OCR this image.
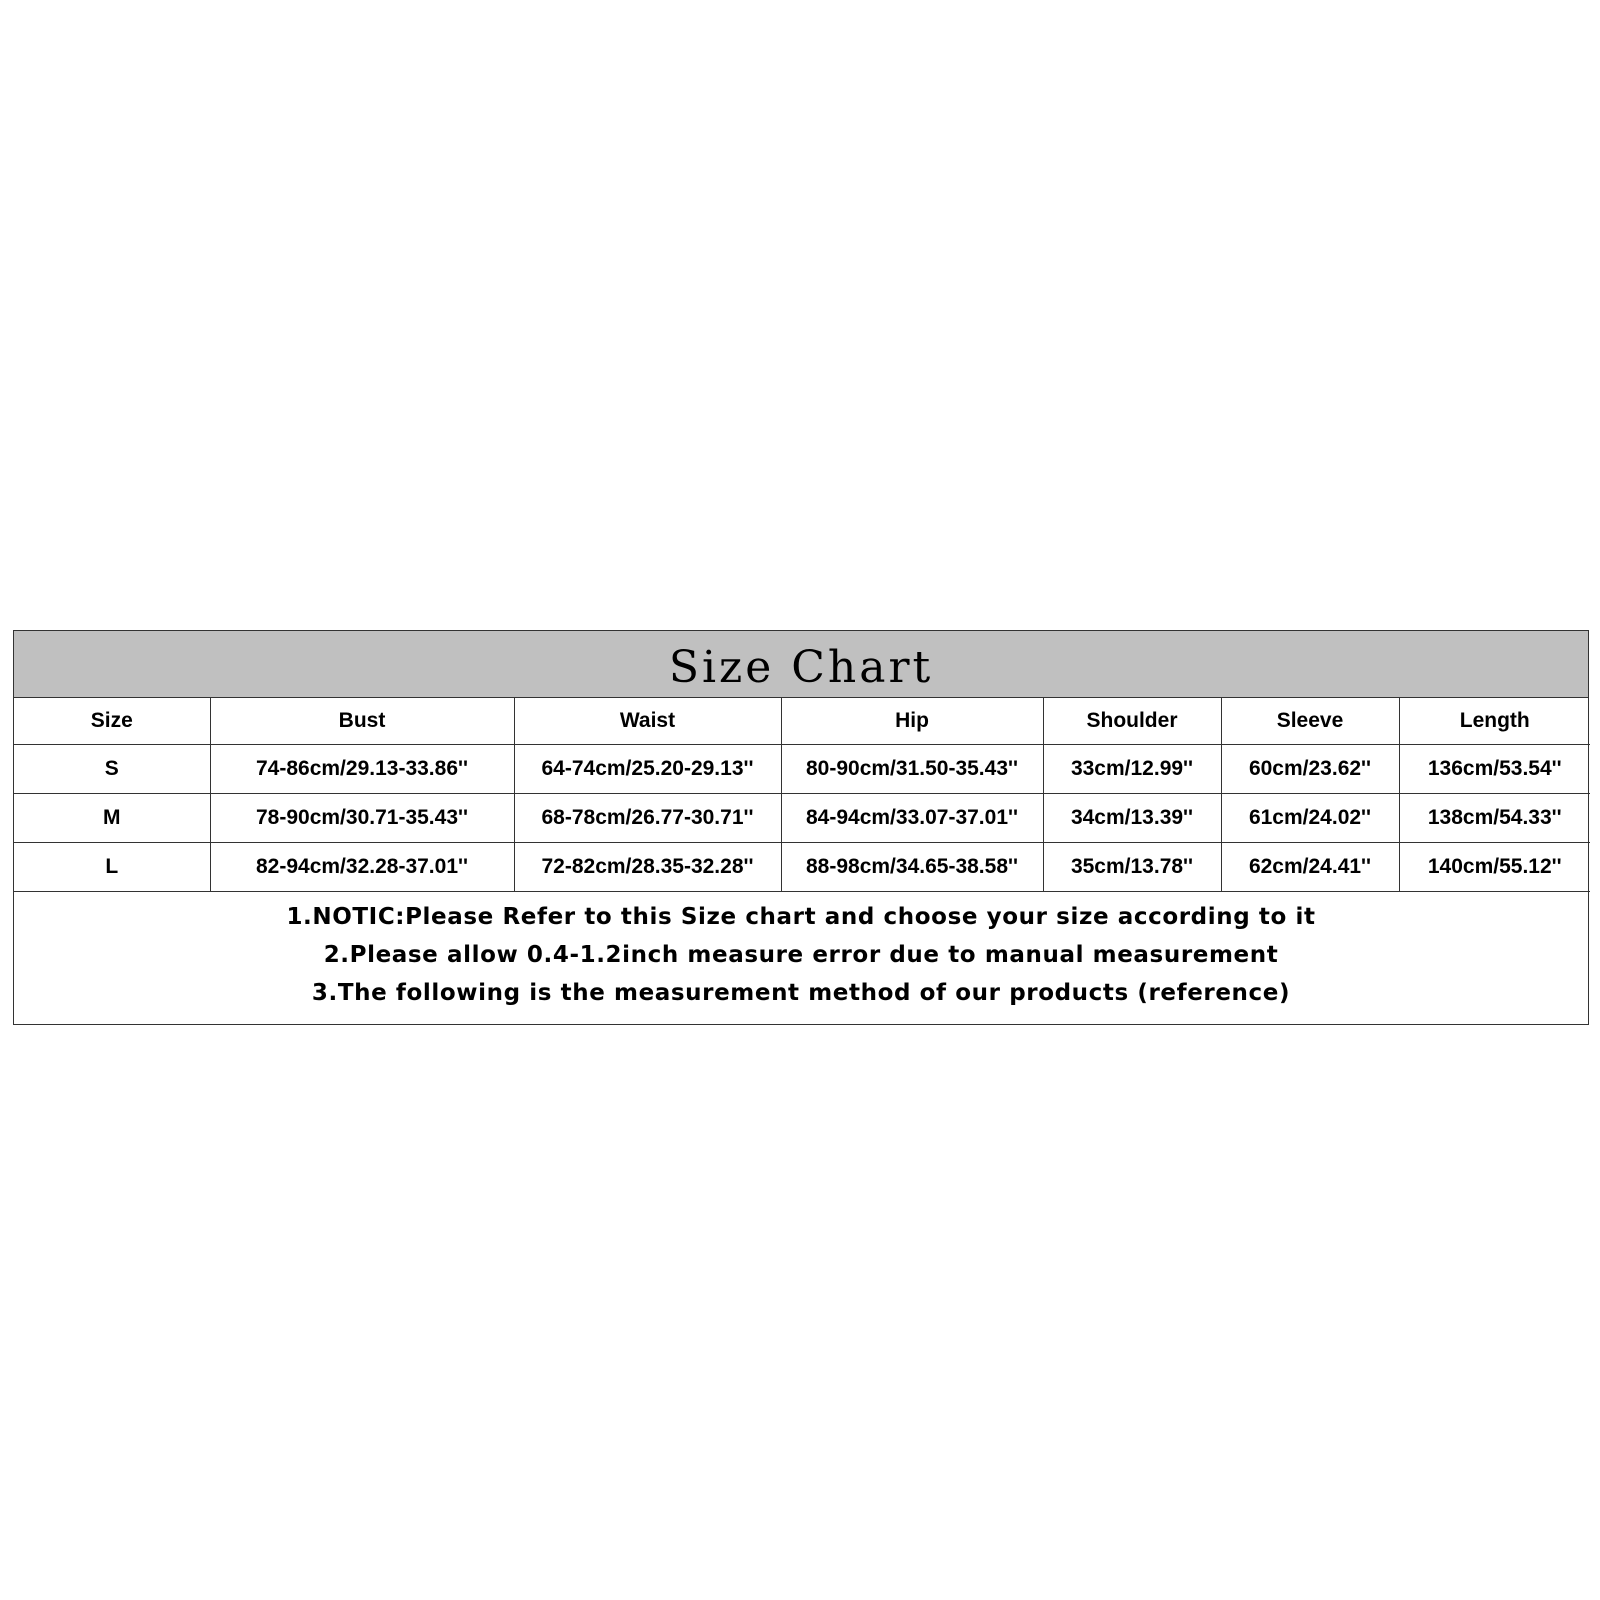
Size Chart
Size	Bust	Waist	Hip	Shoulder	Sleeve	Length
S	74-86cm/29.13-33.86''	64-74cm/25.20-29.13''	80-90cm/31.50-35.43''	33cm/12.99''	60cm/23.62''	136cm/53.54''
M	78-90cm/30.71-35.43''	68-78cm/26.77-30.71''	84-94cm/33.07-37.01''	34cm/13.39''	61cm/24.02''	138cm/54.33''
L	82-94cm/32.28-37.01''	72-82cm/28.35-32.28''	88-98cm/34.65-38.58''	35cm/13.78''	62cm/24.41''	140cm/55.12''
1.NOTIC:Please Refer to this Size chart and choose your size according to it
2.Please allow 0.4-1.2inch measure error due to manual measurement
3.The following is the measurement method of our products (reference)
